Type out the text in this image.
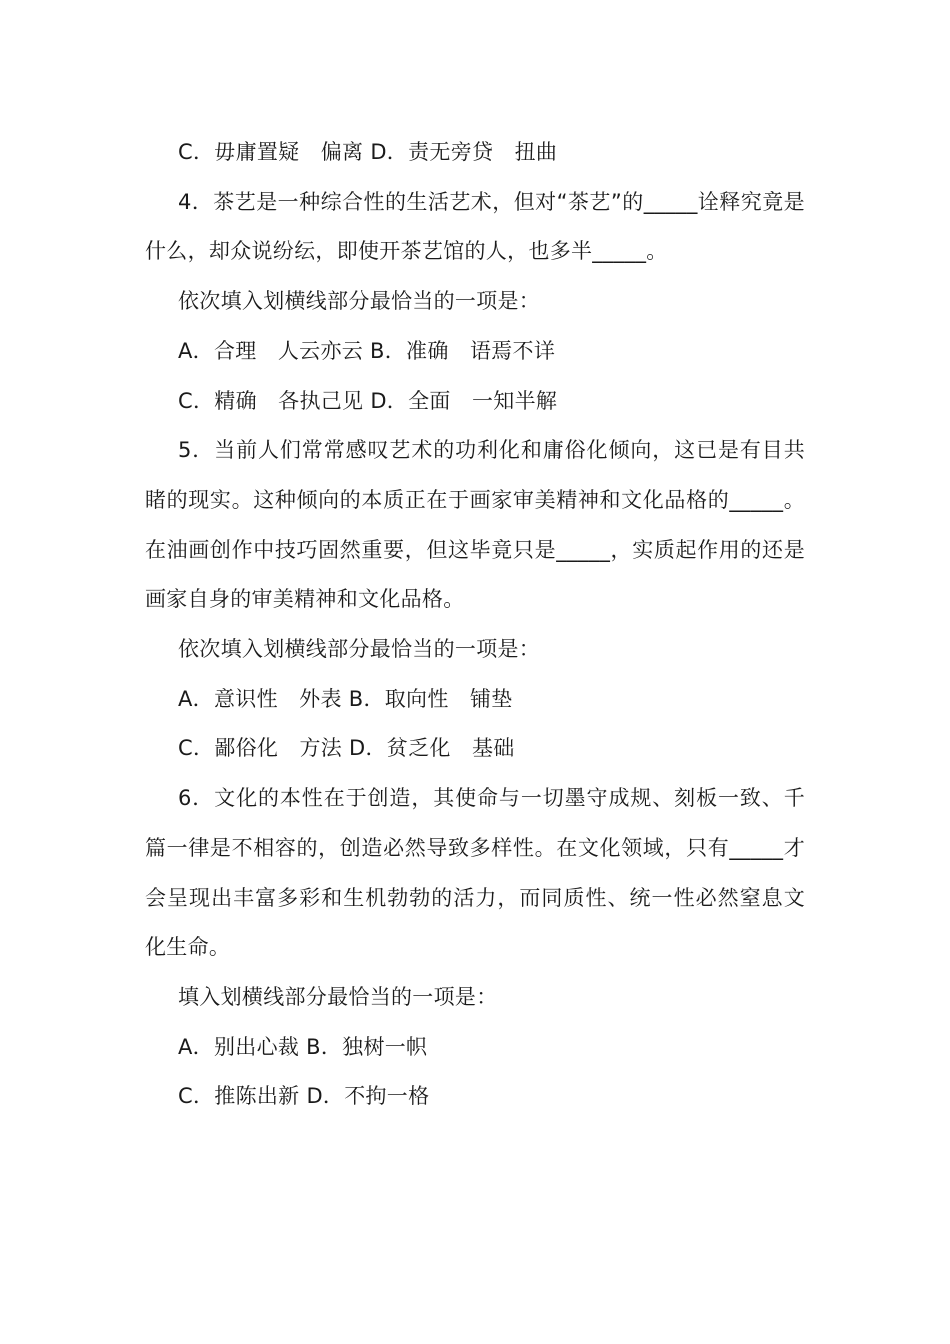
C．毋庸置疑　偏离 D．责无旁贷　扭曲

4．茶艺是一种综合性的生活艺术，但对“茶艺”的_____诠释究竟是什么，却众说纷纭，即使开茶艺馆的人，也多半_____。

依次填入划横线部分最恰当的一项是：

A．合理　人云亦云 B．准确　语焉不详

C．精确　各执己见 D．全面　一知半解

5．当前人们常常感叹艺术的功利化和庸俗化倾向，这已是有目共睹的现实。这种倾向的本质正在于画家审美精神和文化品格的_____。在油画创作中技巧固然重要，但这毕竟只是_____，实质起作用的还是画家自身的审美精神和文化品格。

依次填入划横线部分最恰当的一项是：

A．意识性　外表 B．取向性　铺垫

C．鄙俗化　方法 D．贫乏化　基础

6．文化的本性在于创造，其使命与一切墨守成规、刻板一致、千篇一律是不相容的，创造必然导致多样性。在文化领域，只有_____才会呈现出丰富多彩和生机勃勃的活力，而同质性、统一性必然窒息文化生命。

填入划横线部分最恰当的一项是：

A．别出心裁 B．独树一帜

C．推陈出新 D．不拘一格
